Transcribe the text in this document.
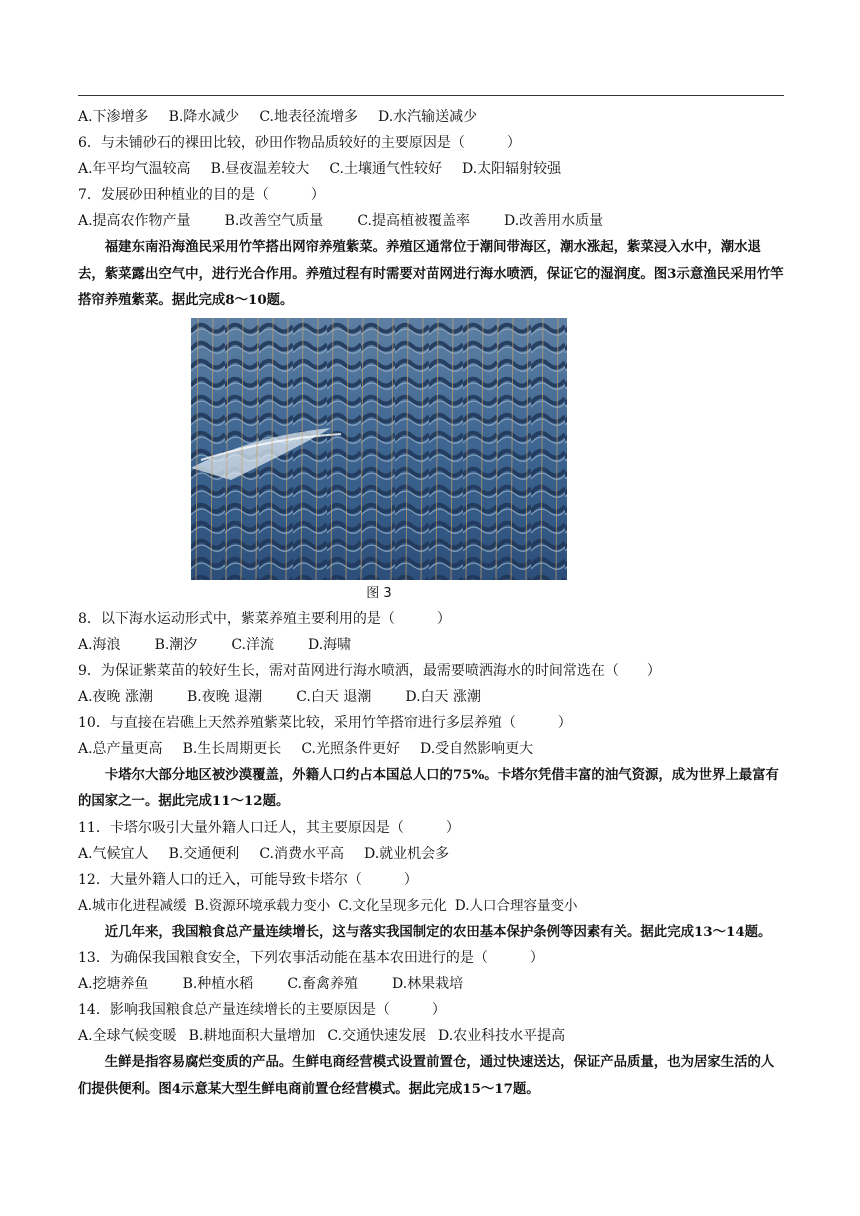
A.下渗增多 B.降水减少 C.地表径流增多 D.水汽输送减少
6．与未铺砂石的裸田比较，砂田作物品质较好的主要原因是（　　　）
A.年平均气温较高 B.昼夜温差较大 C.土壤通气性较好 D.太阳辐射较强
7．发展砂田种植业的目的是（　　　）
A.提高农作物产量 B.改善空气质量 C.提高植被覆盖率 D.改善用水质量
福建东南沿海渔民采用竹竿搭出网帘养殖紫菜。养殖区通常位于潮间带海区，潮水涨起，紫菜浸入水中，潮水退去，紫菜露出空气中，进行光合作用。养殖过程有时需要对苗网进行海水喷洒，保证它的湿润度。图3示意渔民采用竹竿搭帘养殖紫菜。据此完成8～10题。
图 3
8．以下海水运动形式中，紫菜养殖主要利用的是（　　　）
A.海浪 B.潮汐 C.洋流 D.海啸
9．为保证紫菜苗的较好生长，需对苗网进行海水喷洒，最需要喷洒海水的时间常选在（　　）
A.夜晚 涨潮 B.夜晚 退潮 C.白天 退潮 D.白天 涨潮
10．与直接在岩礁上天然养殖紫菜比较，采用竹竿搭帘进行多层养殖（　　　）
A.总产量更高 B.生长周期更长 C.光照条件更好 D.受自然影响更大
卡塔尔大部分地区被沙漠覆盖，外籍人口约占本国总人口的75%。卡塔尔凭借丰富的油气资源，成为世界上最富有的国家之一。据此完成11～12题。
11．卡塔尔吸引大量外籍人口迁人，其主要原因是（　　　）
A.气候宜人 B.交通便利 C.消费水平高 D.就业机会多
12．大量外籍人口的迁入，可能导致卡塔尔（　　　）
A.城市化进程减缓 B.资源环境承载力变小 C.文化呈现多元化 D.人口合理容量变小
近几年来，我国粮食总产量连续增长，这与落实我国制定的农田基本保护条例等因素有关。据此完成13～14题。
13．为确保我国粮食安全，下列农事活动能在基本农田进行的是（　　　）
A.挖塘养鱼 B.种植水稻 C.畜禽养殖 D.林果栽培
14．影响我国粮食总产量连续增长的主要原因是（　　　）
A.全球气候变暖 B.耕地面积大量增加 C.交通快速发展 D.农业科技水平提高
生鲜是指容易腐烂变质的产品。生鲜电商经营模式设置前置仓，通过快速送达，保证产品质量，也为居家生活的人们提供便利。图4示意某大型生鲜电商前置仓经营模式。据此完成15～17题。
